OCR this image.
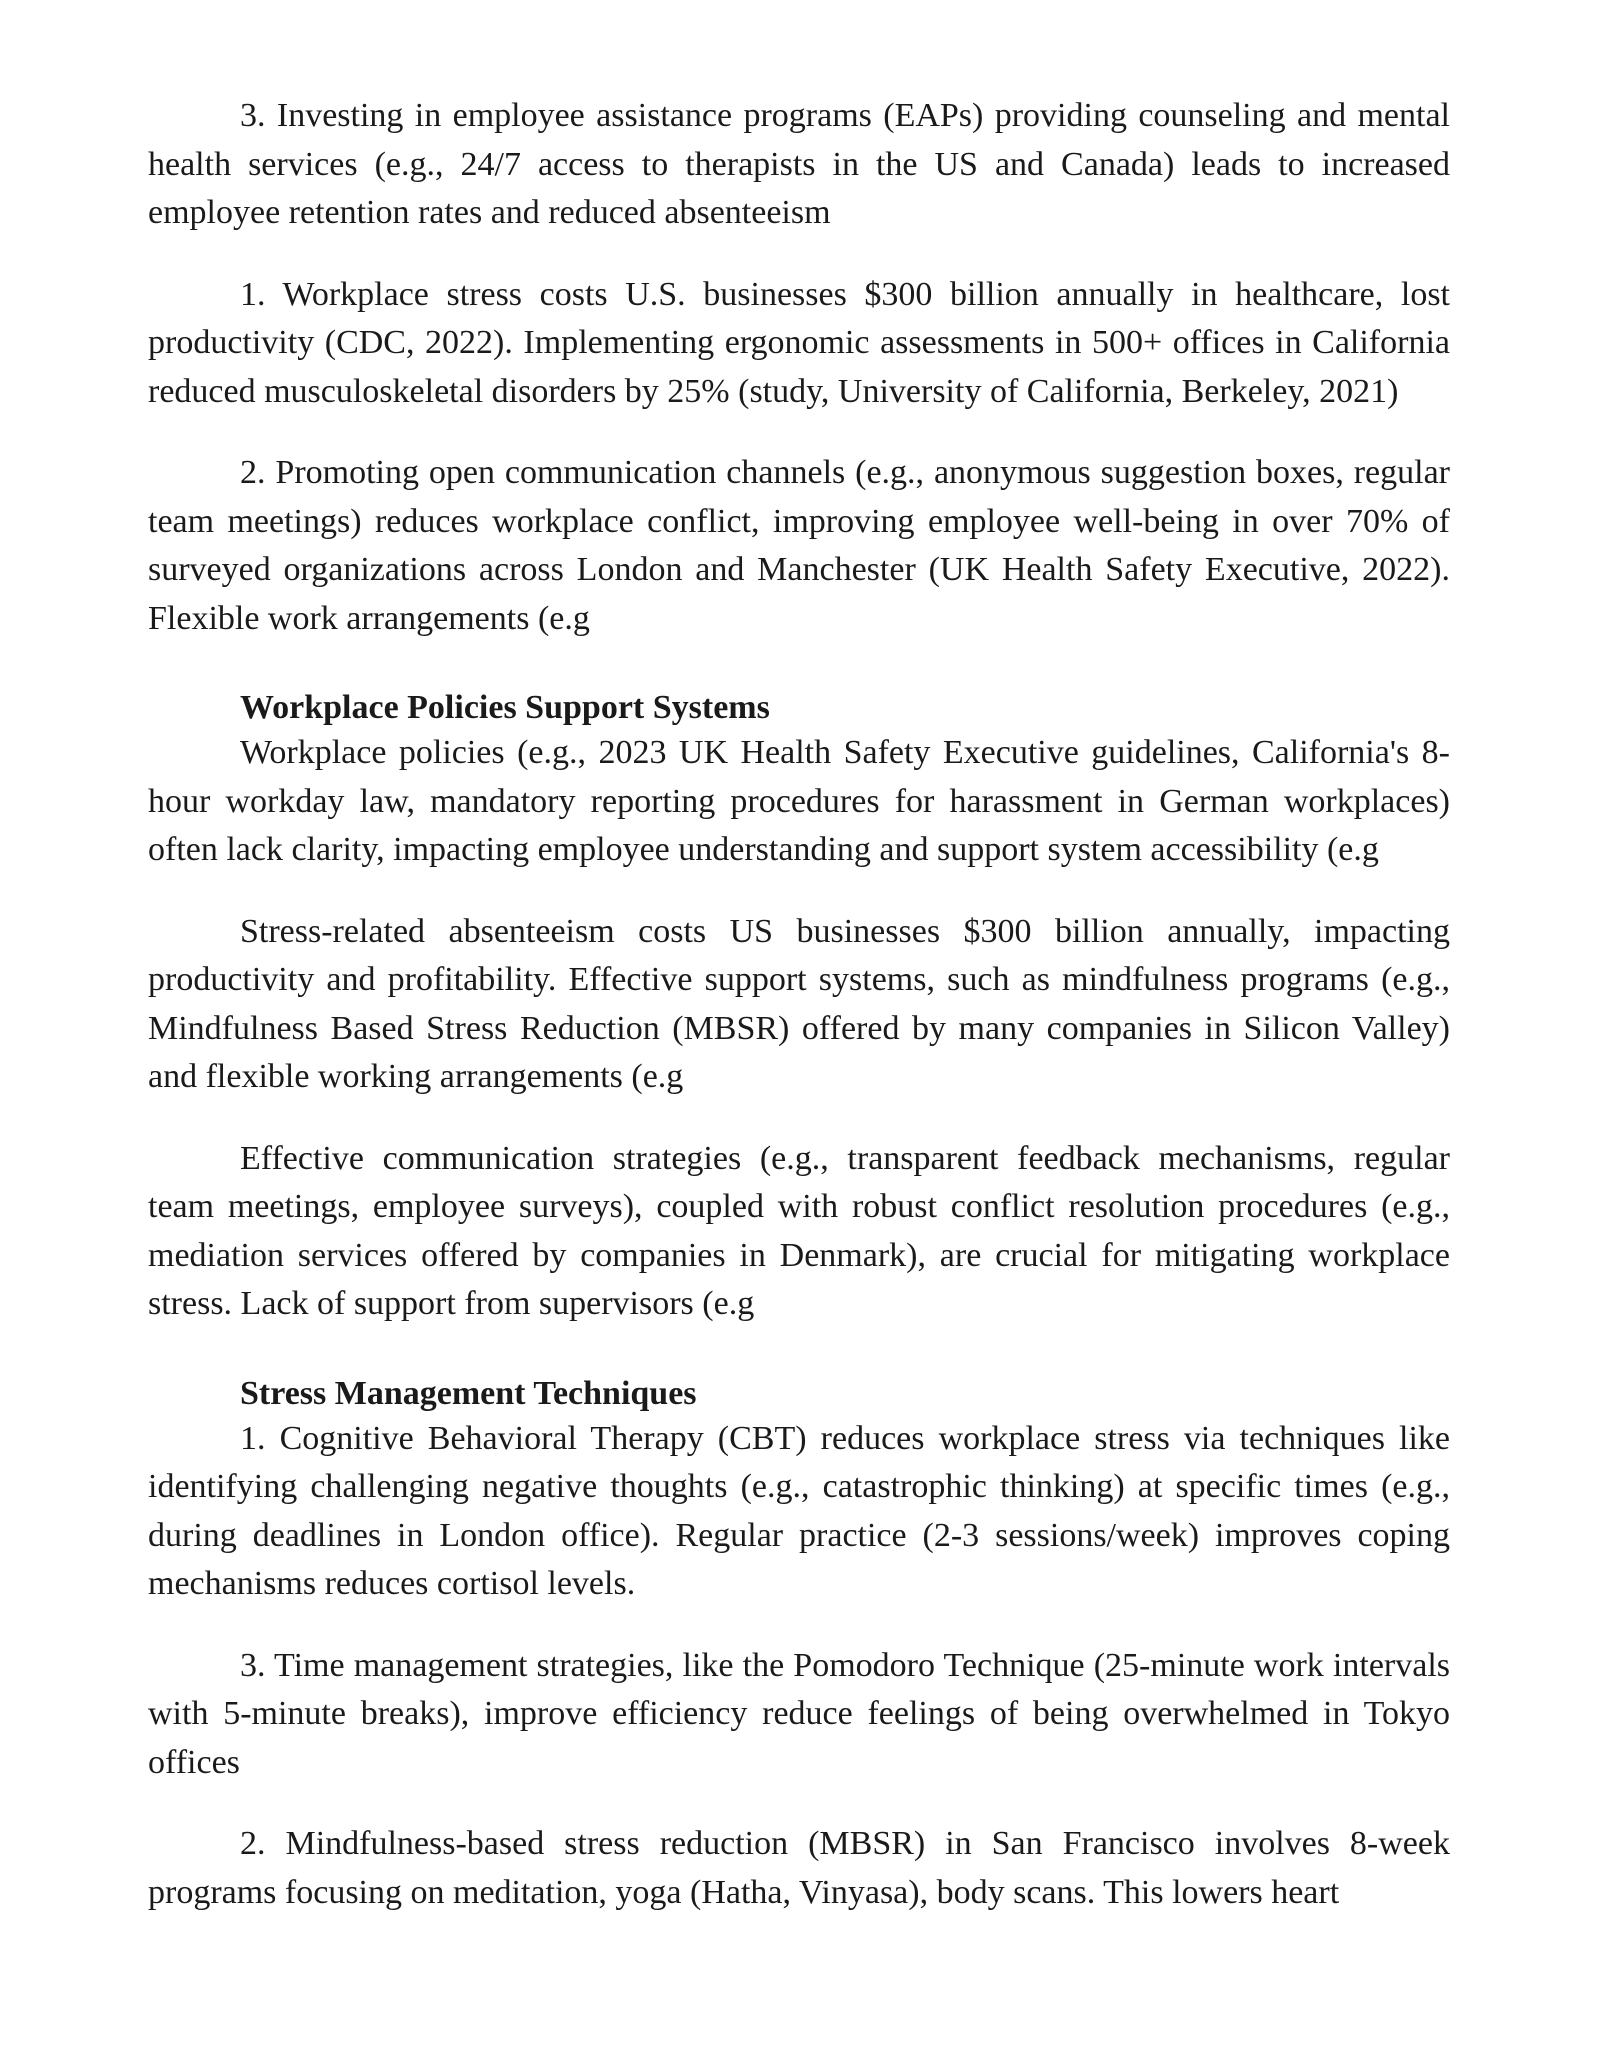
3. Investing in employee assistance programs (EAPs) providing counseling and mental health services (e.g., 24/7 access to therapists in the US and Canada) leads to increased employee retention rates and reduced absenteeism

1. Workplace stress costs U.S. businesses $300 billion annually in healthcare, lost productivity (CDC, 2022). Implementing ergonomic assessments in 500+ offices in California reduced musculoskeletal disorders by 25% (study, University of California, Berkeley, 2021)

2. Promoting open communication channels (e.g., anonymous suggestion boxes, regular team meetings) reduces workplace conflict, improving employee well-being in over 70% of surveyed organizations across London and Manchester (UK Health Safety Executive, 2022). Flexible work arrangements (e.g

Workplace Policies Support Systems

Workplace policies (e.g., 2023 UK Health Safety Executive guidelines, California's 8-hour workday law, mandatory reporting procedures for harassment in German workplaces) often lack clarity, impacting employee understanding and support system accessibility (e.g

Stress-related absenteeism costs US businesses $300 billion annually, impacting productivity and profitability. Effective support systems, such as mindfulness programs (e.g., Mindfulness Based Stress Reduction (MBSR) offered by many companies in Silicon Valley) and flexible working arrangements (e.g

Effective communication strategies (e.g., transparent feedback mechanisms, regular team meetings, employee surveys), coupled with robust conflict resolution procedures (e.g., mediation services offered by companies in Denmark), are crucial for mitigating workplace stress. Lack of support from supervisors (e.g

Stress Management Techniques

1. Cognitive Behavioral Therapy (CBT) reduces workplace stress via techniques like identifying challenging negative thoughts (e.g., catastrophic thinking) at specific times (e.g., during deadlines in London office). Regular practice (2-3 sessions/week) improves coping mechanisms reduces cortisol levels.

3. Time management strategies, like the Pomodoro Technique (25-minute work intervals with 5-minute breaks), improve efficiency reduce feelings of being overwhelmed in Tokyo offices

2. Mindfulness-based stress reduction (MBSR) in San Francisco involves 8-week programs focusing on meditation, yoga (Hatha, Vinyasa), body scans. This lowers heart
